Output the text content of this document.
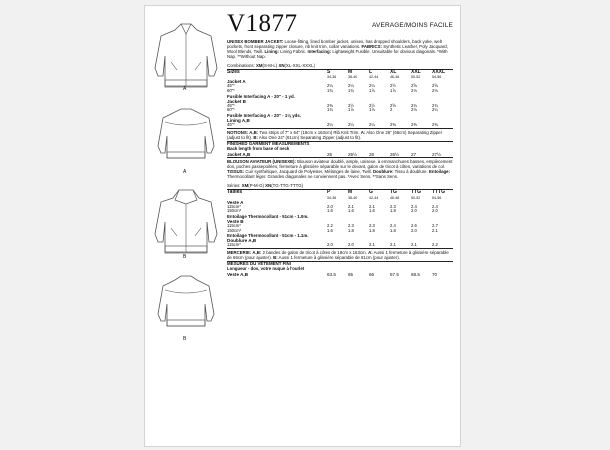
A
A
B
B
V1877	AVERAGE/MOINS FACILE

UNISEX BOMBER JACKET: Loose-fitting, lined bomber jacket, unisex, has dropped shoulders, back yoke, welt pockets, front separating zipper closure, rib knit trim, collar variations. FABRICS: Synthetic Leather, Poly Jacquard, Wool Blends, Twill. Lining: Lining Fabric. Interfacing: Lightweight Fusible. Unsuitable for obvious diagonals. *With Nap. **Without Nap.

Combinations: XM(S-M-L) XN(XL-XXL-XXXL)
Sizes	S	M	L	XL	XXL	XXXL
	34-36	38-40	42-44	46-48	50-52	54-56
Jacket A						
45"*	2¼	2¼	2¼	2½	2⅝	2⅝
60"*	1¾	1¾	1⅞	1⅞	2⅛	2⅛
Fusible Interfacing A - 20" - 1 yd.						
Jacket B						
45"*	2⅜	2½	2½	2⅝	2¾	2¾
60"*	1¾	1⅞	1⅞	2	2⅛	2¼
Fusible Interfacing A - 20" - 1⅛ yds.						
Lining A,B						
45"*	2¼	2¼	2¼	2⅜	2⅜	2⅜

NOTIONS: A,B: Two strips of 7" x 64" (18cm x 163cm) Rib Knit Trim. A: Also One 26" (66cm) Separating Zipper (adjust to fit). B: Also One 24" (61cm) Separating Zipper (adjust to fit).

FINISHED GARMENT MEASUREMENTS
Back length from base of neck
Jacket A,B	25	25½	26	26½	27	27½

BLOUSON AVIATEUR (UNISEXE): Blouson aviateur doublé, ample, unisexe, à emmanchures basses, empiècement dos, poches passepoilées, fermeture à glissière séparable sur le devant, galon de tricot à côtes, variations de col. TISSUS: Cuir synthétique, Jacquard de Polyester, Mélanges de laine, Twill. Doublure: Tissu à doublure. Entoilage: Thermocollant léger. Grandes diagonales ne conviennent pas. *Avec Sens. **Sans Sens.

Séries: XM(P-M-G) XN(TG-TTG-TTTG)
Tailles	P	M	G	TG	TTG	TTTG
	34-36	38-40	42-44	46-48	50-52	54-56
Veste A						
115cm*	2.0	2.1	2.1	2.3	2.4	2.4
150cm*	1.6	1.6	1.6	1.8	2.0	2.0
Entoilage Thermocollant - 51cm - 1.0m.						
Veste B						
115cm*	2.2	2.3	2.3	2.4	2.6	2.7
150cm*	1.6	1.8	1.8	1.8	2.0	2.1
Entoilage Thermocollant - 51cm - 1.1m.						
Doublure A,B						
115cm*	2.0	2.0	2.1	2.1	2.1	2.2

MERCERIE: A,B: 2 bandes de galon de tricot à côtes de 18cm x 163cm. A: Aussi 1 fermeture à glissière séparable de 66cm (pour ajuster). B: Aussi 1 fermeture à glissière séparable de 61cm (pour ajuster).

MESURES DU VÊTEMENT FINI
Longueur - dos, votre nuque à l'ourlet
Veste A,B	63.5	65	66	67.5	68.5	70
